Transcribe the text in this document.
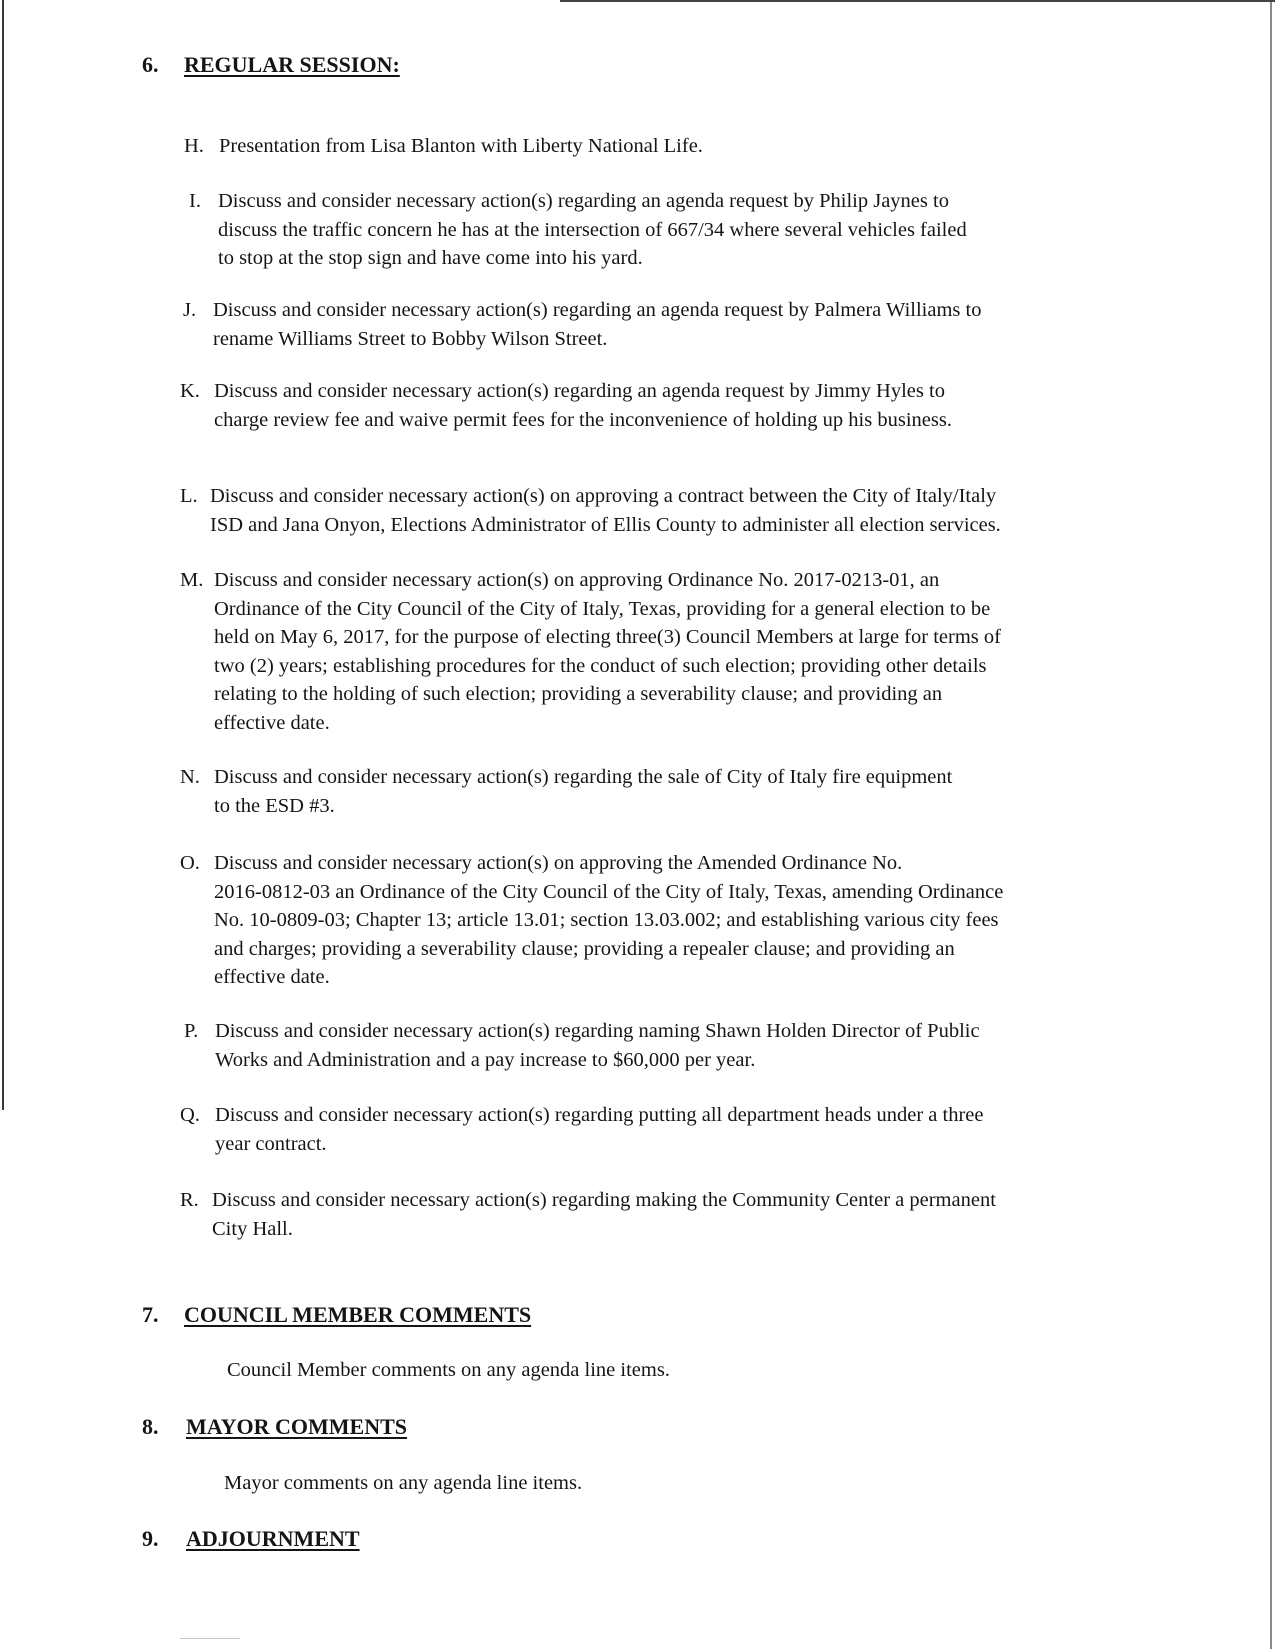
6. REGULAR SESSION:
H. Presentation from Lisa Blanton with Liberty National Life.
I. Discuss and consider necessary action(s) regarding an agenda request by Philip Jaynes to
discuss the traffic concern he has at the intersection of 667/34 where several vehicles failed
to stop at the stop sign and have come into his yard.
J. Discuss and consider necessary action(s) regarding an agenda request by Palmera Williams to
rename Williams Street to Bobby Wilson Street.
K. Discuss and consider necessary action(s) regarding an agenda request by Jimmy Hyles to
charge review fee and waive permit fees for the inconvenience of holding up his business.
L. Discuss and consider necessary action(s) on approving a contract between the City of Italy/Italy
ISD and Jana Onyon, Elections Administrator of Ellis County to administer all election services.
M. Discuss and consider necessary action(s) on approving Ordinance No. 2017-0213-01, an
Ordinance of the City Council of the City of Italy, Texas, providing for a general election to be
held on May 6, 2017, for the purpose of electing three(3) Council Members at large for terms of
two (2) years; establishing procedures for the conduct of such election; providing other details
relating to the holding of such election; providing a severability clause; and providing an
effective date.
N. Discuss and consider necessary action(s) regarding the sale of City of Italy fire equipment
to the ESD #3.
O. Discuss and consider necessary action(s) on approving the Amended Ordinance No.
2016-0812-03 an Ordinance of the City Council of the City of Italy, Texas, amending Ordinance
No. 10-0809-03; Chapter 13; article 13.01; section 13.03.002; and establishing various city fees
and charges; providing a severability clause; providing a repealer clause; and providing an
effective date.
P. Discuss and consider necessary action(s) regarding naming Shawn Holden Director of Public
Works and Administration and a pay increase to $60,000 per year.
Q. Discuss and consider necessary action(s) regarding putting all department heads under a three
year contract.
R. Discuss and consider necessary action(s) regarding making the Community Center a permanent
City Hall.
7. COUNCIL MEMBER COMMENTS
Council Member comments on any agenda line items.
8. MAYOR COMMENTS
Mayor comments on any agenda line items.
9. ADJOURNMENT
